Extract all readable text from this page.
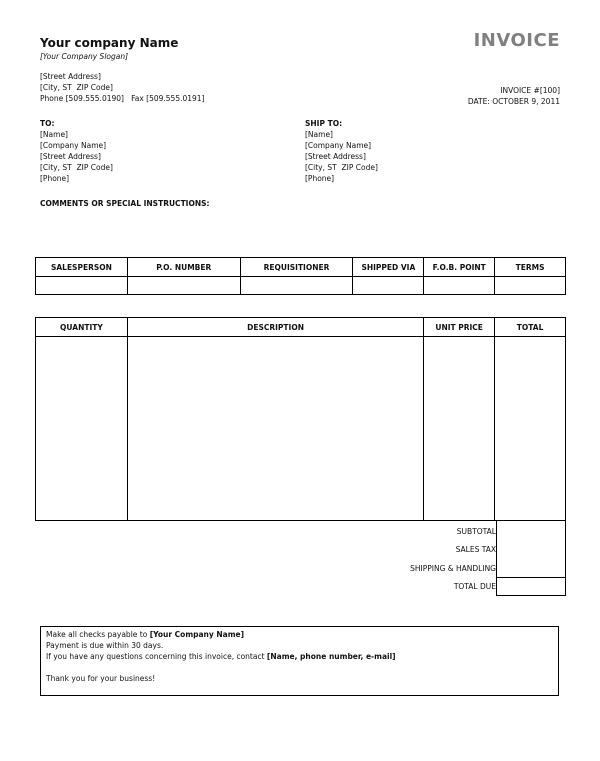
Your company Name
[Your Company Slogan]
INVOICE
[Street Address]
[City, ST  ZIP Code]
Phone [509.555.0190]   Fax [509.555.0191]
INVOICE #[100]
DATE: OCTOBER 9, 2011
TO:
[Name]
[Company Name]
[Street Address]
[City, ST  ZIP Code]
[Phone]
SHIP TO:
[Name]
[Company Name]
[Street Address]
[City, ST  ZIP Code]
[Phone]
COMMENTS OR SPECIAL INSTRUCTIONS:
SALESPERSON	P.O. NUMBER	REQUISITIONER	SHIPPED VIA	F.O.B. POINT	TERMS

QUANTITY	DESCRIPTION	UNIT PRICE	TOTAL

SUBTOTAL
SALES TAX
SHIPPING & HANDLING
TOTAL DUE
Make all checks payable to [Your Company Name]
Payment is due within 30 days.
If you have any questions concerning this invoice, contact [Name, phone number, e-mail]
Thank you for your business!
